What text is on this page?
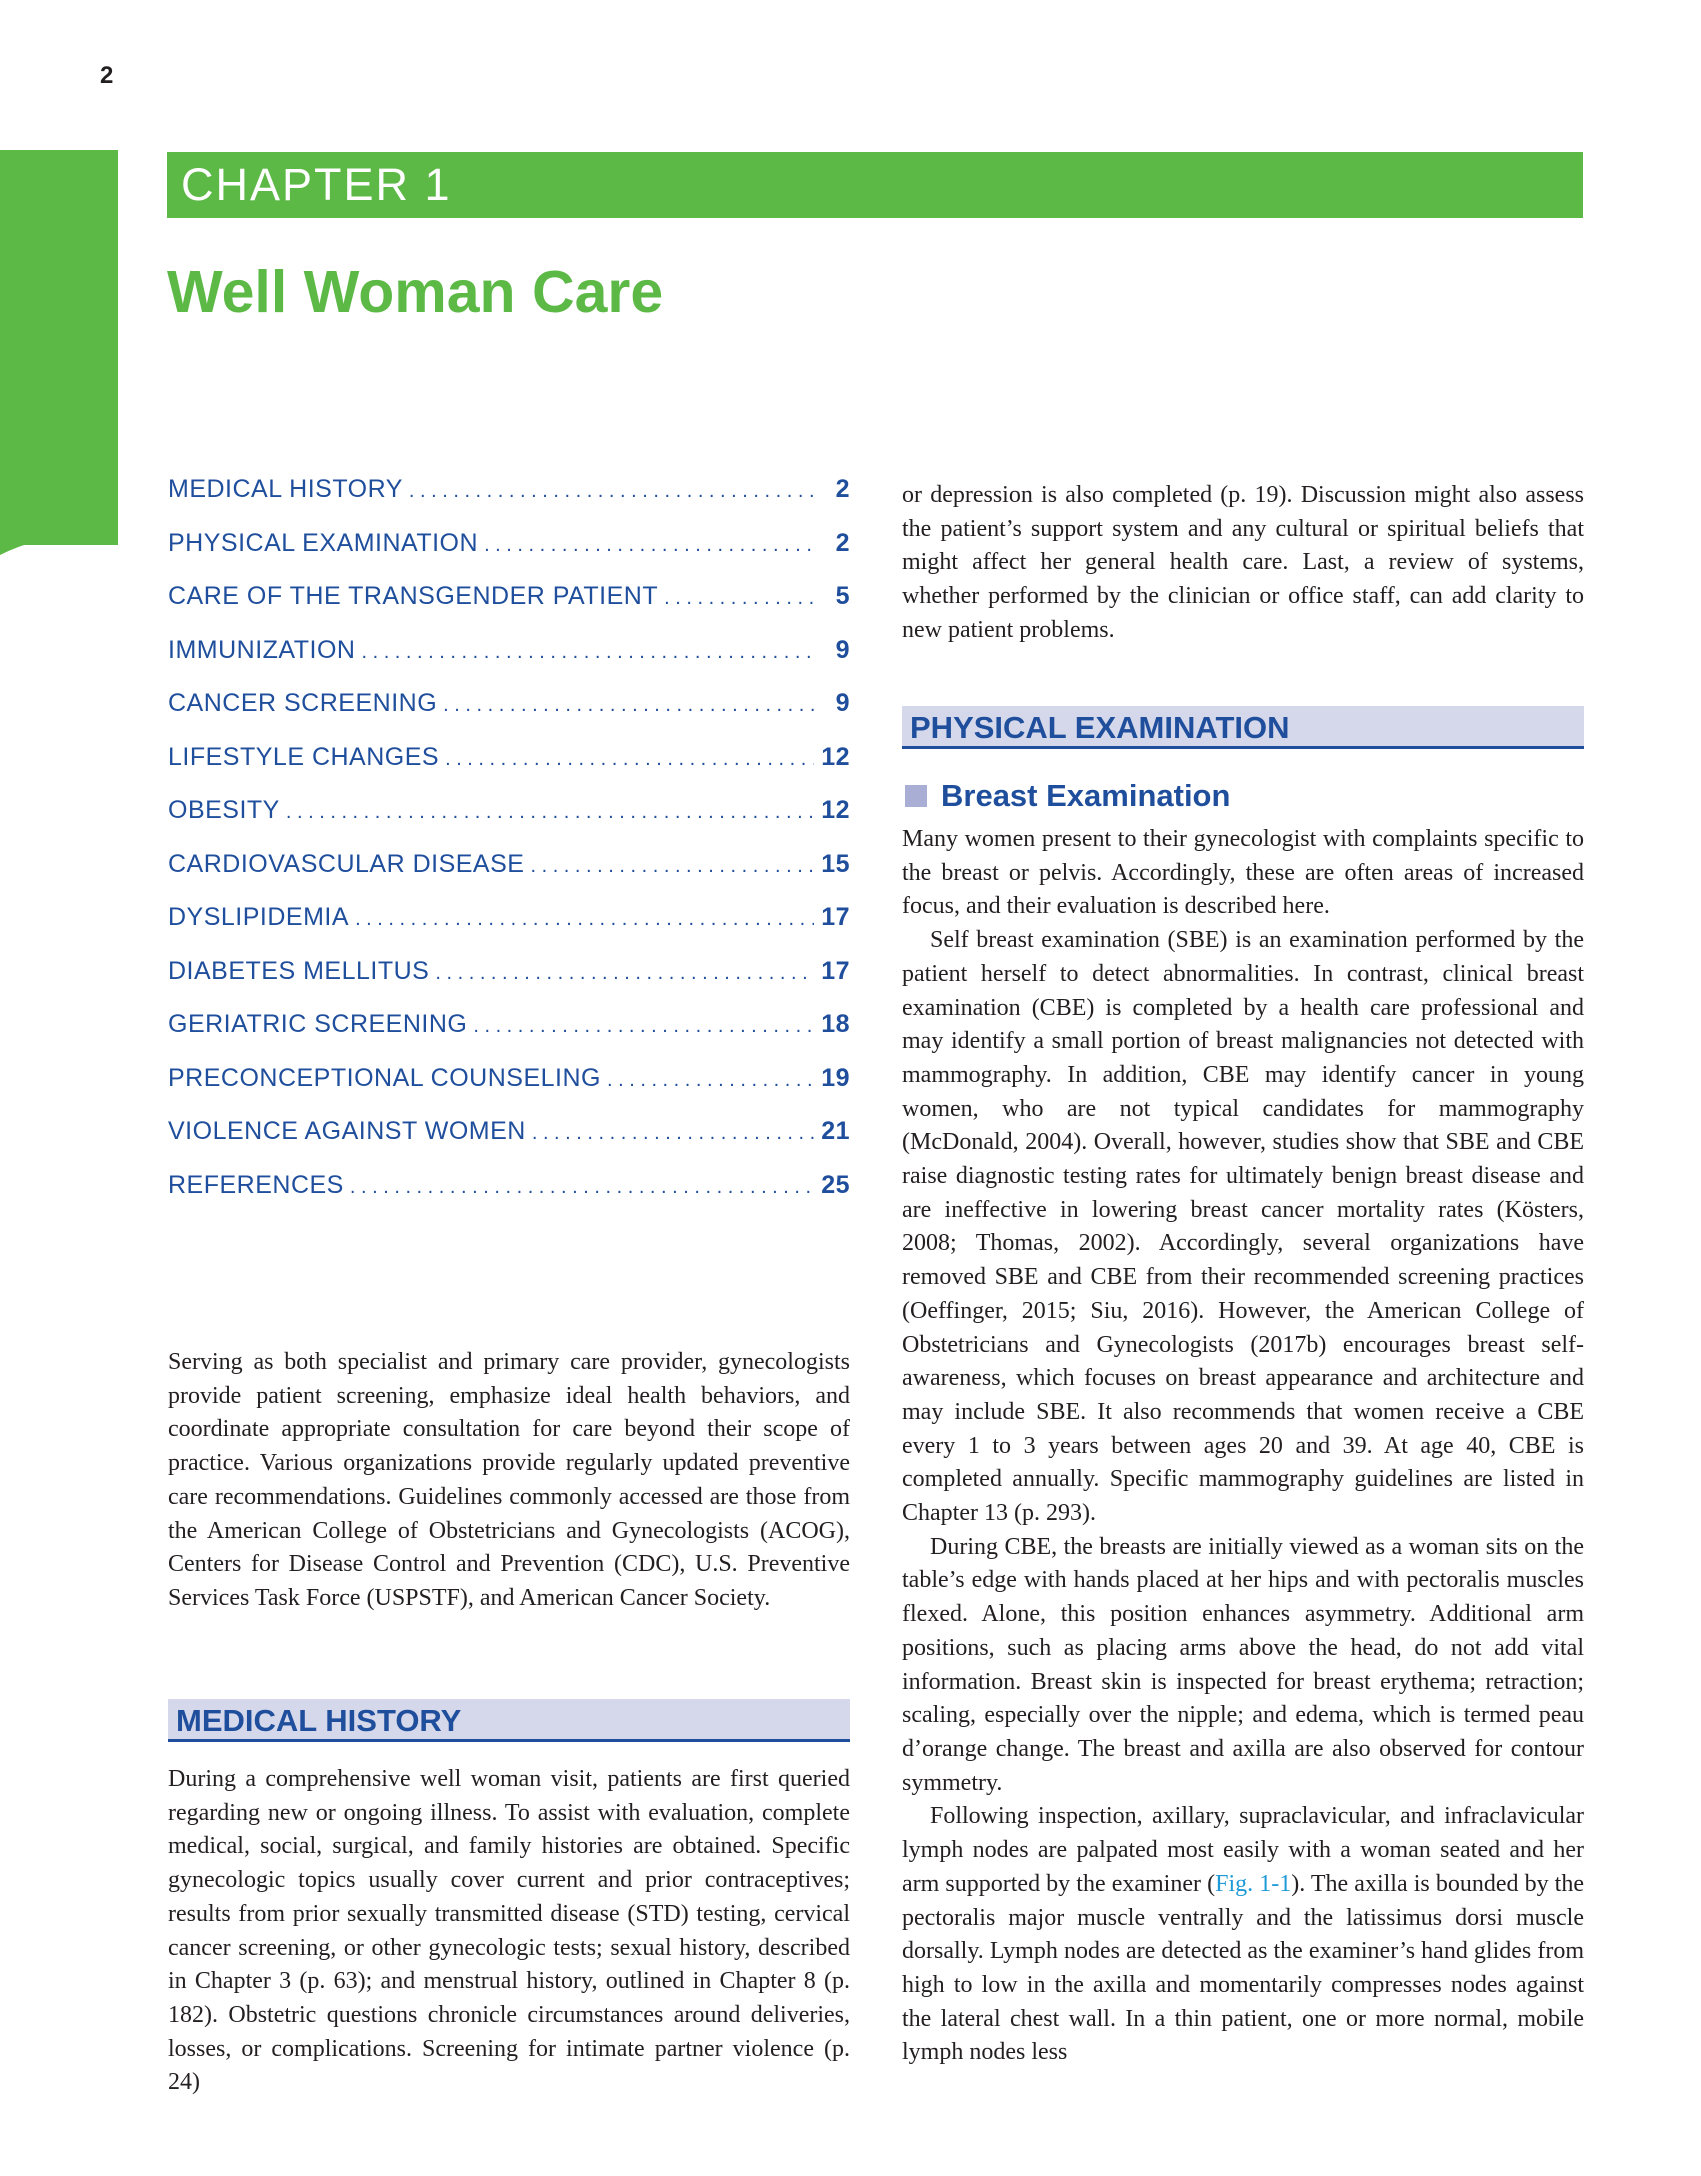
2
CHAPTER 1
Well Woman Care
MEDICAL HISTORY . . .	2
PHYSICAL EXAMINATION . . .	2
CARE OF THE TRANSGENDER PATIENT . . .	5
IMMUNIZATION . . .	9
CANCER SCREENING . . .	9
LIFESTYLE CHANGES . . .	12
OBESITY . . .	12
CARDIOVASCULAR DISEASE . . .	15
DYSLIPIDEMIA . . .	17
DIABETES MELLITUS . . .	17
GERIATRIC SCREENING . . .	18
PRECONCEPTIONAL COUNSELING . . .	19
VIOLENCE AGAINST WOMEN . . .	21
REFERENCES . . .	25

Serving as both specialist and primary care provider, gynecologists provide patient screening, emphasize ideal health behaviors, and coordinate appropriate consultation for care beyond their scope of practice. Various organizations provide regularly updated preventive care recommendations. Guidelines commonly accessed are those from the American College of Obstetricians and Gynecologists (ACOG), Centers for Disease Control and Prevention (CDC), U.S. Preventive Services Task Force (USPSTF), and American Cancer Society.

MEDICAL HISTORY

During a comprehensive well woman visit, patients are first queried regarding new or ongoing illness. To assist with evaluation, complete medical, social, surgical, and family histories are obtained. Specific gynecologic topics usually cover current and prior contraceptives; results from prior sexually transmitted disease (STD) testing, cervical cancer screening, or other gynecologic tests; sexual history, described in Chapter 3 (p. 63); and menstrual history, outlined in Chapter 8 (p. 182). Obstetric questions chronicle circumstances around deliveries, losses, or complications. Screening for intimate partner violence (p. 24)

or depression is also completed (p. 19). Discussion might also assess the patient’s support system and any cultural or spiritual beliefs that might affect her general health care. Last, a review of systems, whether performed by the clinician or office staff, can add clarity to new patient problems.

PHYSICAL EXAMINATION
Breast Examination

Many women present to their gynecologist with complaints specific to the breast or pelvis. Accordingly, these are often areas of increased focus, and their evaluation is described here.

Self breast examination (SBE) is an examination performed by the patient herself to detect abnormalities. In contrast, clinical breast examination (CBE) is completed by a health care professional and may identify a small portion of breast malignancies not detected with mammography. In addition, CBE may identify cancer in young women, who are not typical candidates for mammography (McDonald, 2004). Overall, however, studies show that SBE and CBE raise diagnostic testing rates for ultimately benign breast disease and are ineffective in lowering breast cancer mortality rates (Kösters, 2008; Thomas, 2002). Accordingly, several organizations have removed SBE and CBE from their recommended screening practices (Oeffinger, 2015; Siu, 2016). However, the American College of Obstetricians and Gynecologists (2017b) encourages breast self-awareness, which focuses on breast appearance and architecture and may include SBE. It also recommends that women receive a CBE every 1 to 3 years between ages 20 and 39. At age 40, CBE is completed annually. Specific mammography guidelines are listed in Chapter 13 (p. 293).

During CBE, the breasts are initially viewed as a woman sits on the table’s edge with hands placed at her hips and with pectoralis muscles flexed. Alone, this position enhances asymmetry. Additional arm positions, such as placing arms above the head, do not add vital information. Breast skin is inspected for breast erythema; retraction; scaling, especially over the nipple; and edema, which is termed peau d’orange change. The breast and axilla are also observed for contour symmetry.

Following inspection, axillary, supraclavicular, and infraclavicular lymph nodes are palpated most easily with a woman seated and her arm supported by the examiner (Fig. 1-1). The axilla is bounded by the pectoralis major muscle ventrally and the latissimus dorsi muscle dorsally. Lymph nodes are detected as the examiner’s hand glides from high to low in the axilla and momentarily compresses nodes against the lateral chest wall. In a thin patient, one or more normal, mobile lymph nodes less
